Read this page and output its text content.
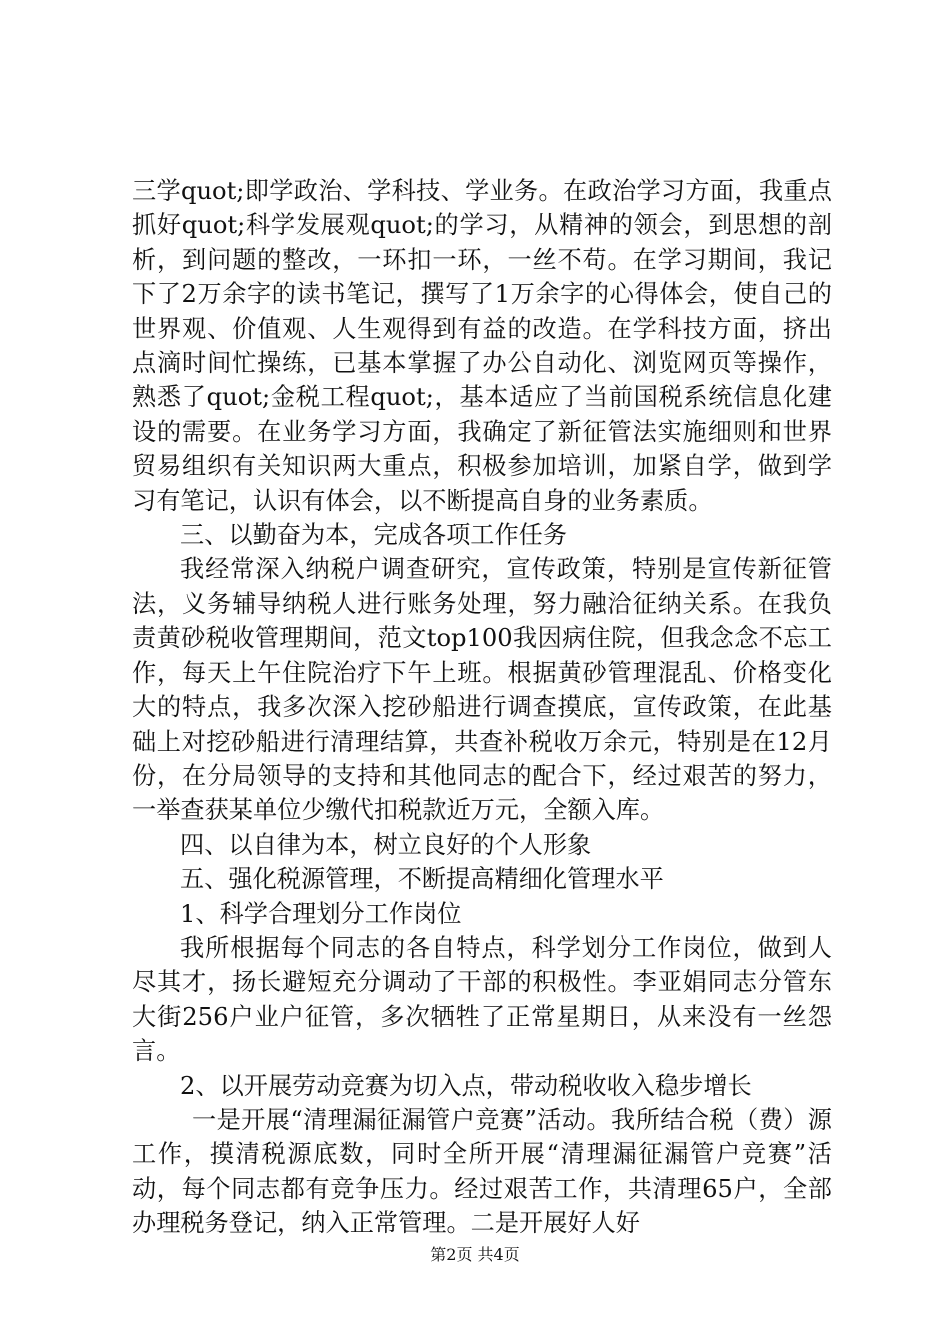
三学quot;即学政治、学科技、学业务。在政治学习方面，我重点抓好quot;科学发展观quot;的学习，从精神的领会，到思想的剖析，到问题的整改，一环扣一环，一丝不苟。在学习期间，我记下了2万余字的读书笔记，撰写了1万余字的心得体会，使自己的世界观、价值观、人生观得到有益的改造。在学科技方面，挤出点滴时间忙操练，已基本掌握了办公自动化、浏览网页等操作，熟悉了quot;金税工程quot;，基本适应了当前国税系统信息化建设的需要。在业务学习方面，我确定了新征管法实施细则和世界贸易组织有关知识两大重点，积极参加培训，加紧自学，做到学习有笔记，认识有体会，以不断提高自身的业务素质。

三、以勤奋为本，完成各项工作任务

我经常深入纳税户调查研究，宣传政策，特别是宣传新征管法，义务辅导纳税人进行账务处理，努力融洽征纳关系。在我负责黄砂税收管理期间，范文top100我因病住院，但我念念不忘工作，每天上午住院治疗下午上班。根据黄砂管理混乱、价格变化大的特点，我多次深入挖砂船进行调查摸底，宣传政策，在此基础上对挖砂船进行清理结算，共查补税收万余元，特别是在12月份，在分局领导的支持和其他同志的配合下，经过艰苦的努力，一举查获某单位少缴代扣税款近万元，全额入库。

四、以自律为本，树立良好的个人形象

五、强化税源管理，不断提高精细化管理水平

1、科学合理划分工作岗位

我所根据每个同志的各自特点，科学划分工作岗位，做到人尽其才，扬长避短充分调动了干部的积极性。李亚娟同志分管东大街256户业户征管，多次牺牲了正常星期日，从来没有一丝怨言。

2、以开展劳动竞赛为切入点，带动税收收入稳步增长

一是开展“清理漏征漏管户竞赛”活动。我所结合税（费）源工作，摸清税源底数，同时全所开展“清理漏征漏管户竞赛”活动，每个同志都有竞争压力。经过艰苦工作，共清理65户，全部办理税务登记，纳入正常管理。二是开展好人好

第2页 共4页
